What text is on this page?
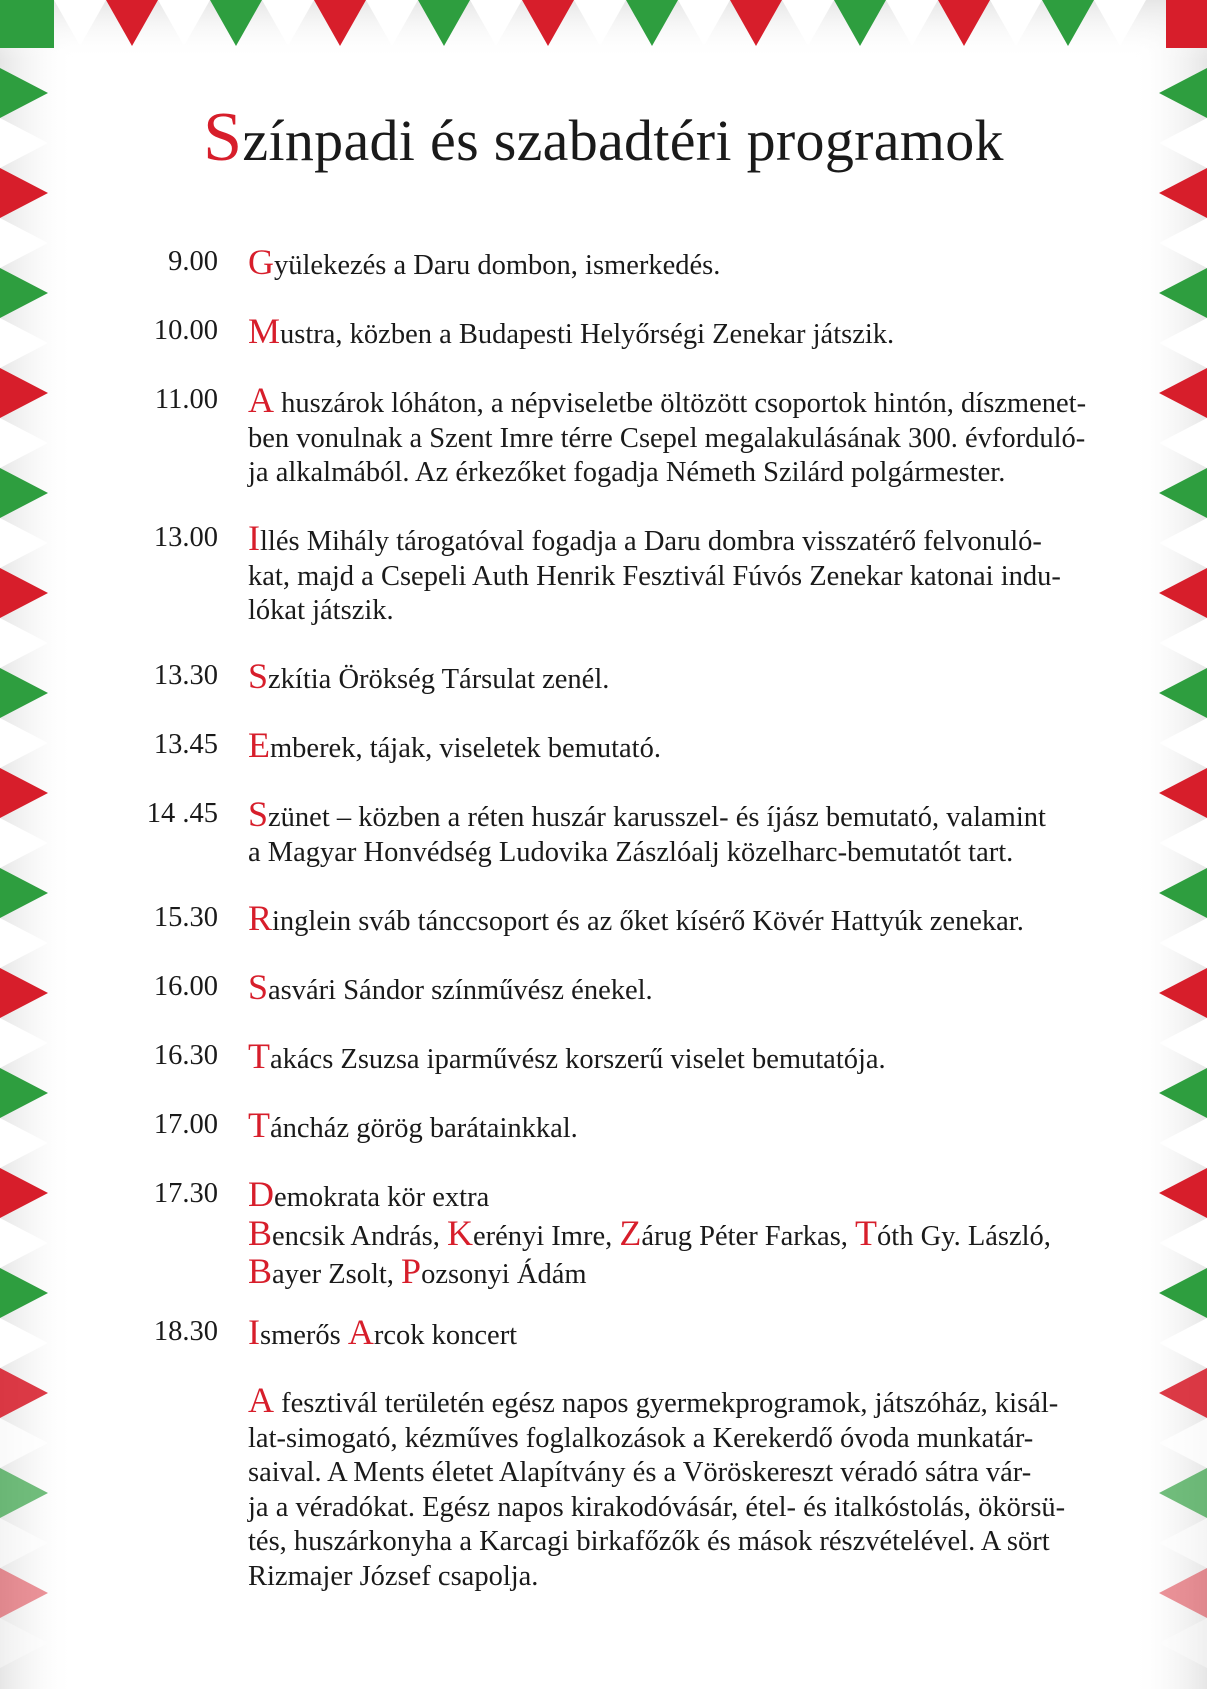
Színpadi és szabadtéri programok
9.00 Gyülekezés a Daru dombon, ismerkedés.
10.00 Mustra, közben a Budapesti Helyőrségi Zenekar játszik.
11.00 A huszárok lóháton, a népviseletbe öltözött csoportok hintón, díszmenet-
ben vonulnak a Szent Imre térre Csepel megalakulásának 300. évforduló-
ja alkalmából. Az érkezőket fogadja Németh Szilárd polgármester.
13.00 Illés Mihály tárogatóval fogadja a Daru dombra visszatérő felvonuló-
kat, majd a Csepeli Auth Henrik Fesztivál Fúvós Zenekar katonai indu-
lókat játszik.
13.30 Szkítia Örökség Társulat zenél.
13.45 Emberek, tájak, viseletek bemutató.
14 .45 Szünet – közben a réten huszár karusszel- és íjász bemutató, valamint
a Magyar Honvédség Ludovika Zászlóalj közelharc-bemutatót tart.
15.30 Ringlein sváb tánccsoport és az őket kísérő Kövér Hattyúk zenekar.
16.00 Sasvári Sándor színművész énekel.
16.30 Takács Zsuzsa iparművész korszerű viselet bemutatója.
17.00 Táncház görög barátainkkal.
17.30 Demokrata kör extra
Bencsik András, Kerényi Imre, Zárug Péter Farkas, Tóth Gy. László,
Bayer Zsolt, Pozsonyi Ádám
18.30 Ismerős Arcok koncert
A fesztivál területén egész napos gyermekprogramok, játszóház, kisál-
lat-simogató, kézműves foglalkozások a Kerekerdő óvoda munkatár-
saival. A Ments életet Alapítvány és a Vöröskereszt véradó sátra vár-
ja a véradókat. Egész napos kirakodóvásár, étel- és italkóstolás, ökörsü-
tés, huszárkonyha a Karcagi birkafőzők és mások részvételével. A sört
Rizmajer József csapolja.
